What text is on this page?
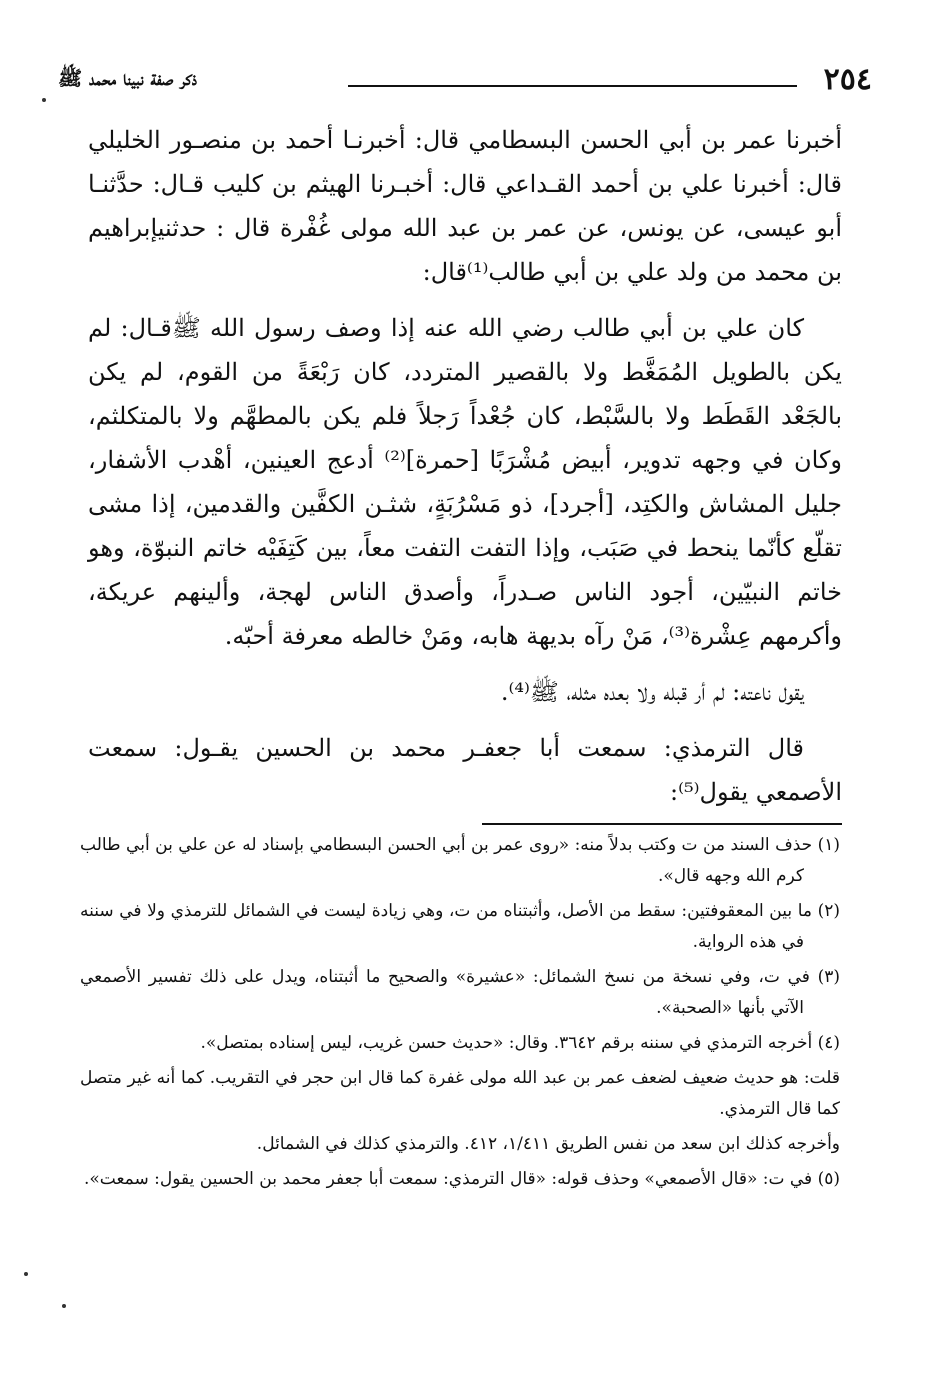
٢٥٤
ذكر صفة نبينا محمد ﷺ

أخبرنا عمر بن أبي الحسن البسطامي قال: أخبرنـا أحمد بن منصـور الخليلي قال: أخبرنا علي بن أحمد القـداعي قال: أخبـرنا الهيثم بن كليب قـال: حدَّثنـا أبو عيسى، عن يونس، عن عمر بن عبد الله مولى غُفْرة قال : حدثنيإبراهيم بن محمد من ولد علي بن أبي طالب⁽¹⁾قال:

كان علي بن أبي طالب رضي الله عنه إذا وصف رسول الله ﷺقـال: لم يكن بالطويل المُمَغَّط ولا بالقصير المتردد، كان رَبْعَةً من القوم، لم يكن بالجَعْد القَطَط ولا بالسَّبْط، كان جُعْداً رَجلاً فلم يكن بالمطهَّم ولا بالمتكلثم، وكان في وجهه تدوير، أبيض مُشْرَبًا [حمرة]⁽²⁾ أدعج العينين، أهْدب الأشفار، جليل المشاش والكتِد، [أجرد]، ذو مَسْرُبَةٍ، شثـن الكفَّين والقدمين، إذا مشى تقلّع كأنّما ينحط في صَبَب، وإذا التفت التفت معاً، بين كَتِفَيْه خاتم النبوّة، وهو خاتم النبيّين، أجود الناس صـدراً، وأصدق الناس لهجة، وألينهم عريكة، وأكرمهم عِشْرة⁽³⁾، مَنْ رآه بديهة هابه، ومَنْ خالطه معرفة أحبّه.

يقول ناعته: لم أر قبله ولا بعده مثله، ﷺ⁽⁴⁾.

قال الترمذي: سمعت أبا جعفـر محمد بن الحسين يقـول: سمعت الأصمعي يقول⁽⁵⁾:

(١) حذف السند من ت وكتب بدلاً منه: «روى عمر بن أبي الحسن البسطامي بإسناد له عن علي بن أبي طالب كرم الله وجهه قال».

(٢) ما بين المعقوفتين: سقط من الأصل، وأثبتناه من ت، وهي زيادة ليست في الشمائل للترمذي ولا في سننه في هذه الرواية.

(٣) في ت، وفي نسخة من نسخ الشمائل: «عشيرة» والصحيح ما أثبتناه، ويدل على ذلك تفسير الأصمعي الآتي بأنها «الصحبة».

(٤) أخرجه الترمذي في سننه برقم ٣٦٤٢. وقال: «حديث حسن غريب، ليس إسناده بمتصل».

قلت: هو حديث ضعيف لضعف عمر بن عبد الله مولى غفرة كما قال ابن حجر في التقريب. كما أنه غير متصل كما قال الترمذي.

وأخرجه كذلك ابن سعد من نفس الطريق ١/٤١١، ٤١٢. والترمذي كذلك في الشمائل.

(٥) في ت: «قال الأصمعي» وحذف قوله: «قال الترمذي: سمعت أبا جعفر محمد بن الحسين يقول: سمعت».
